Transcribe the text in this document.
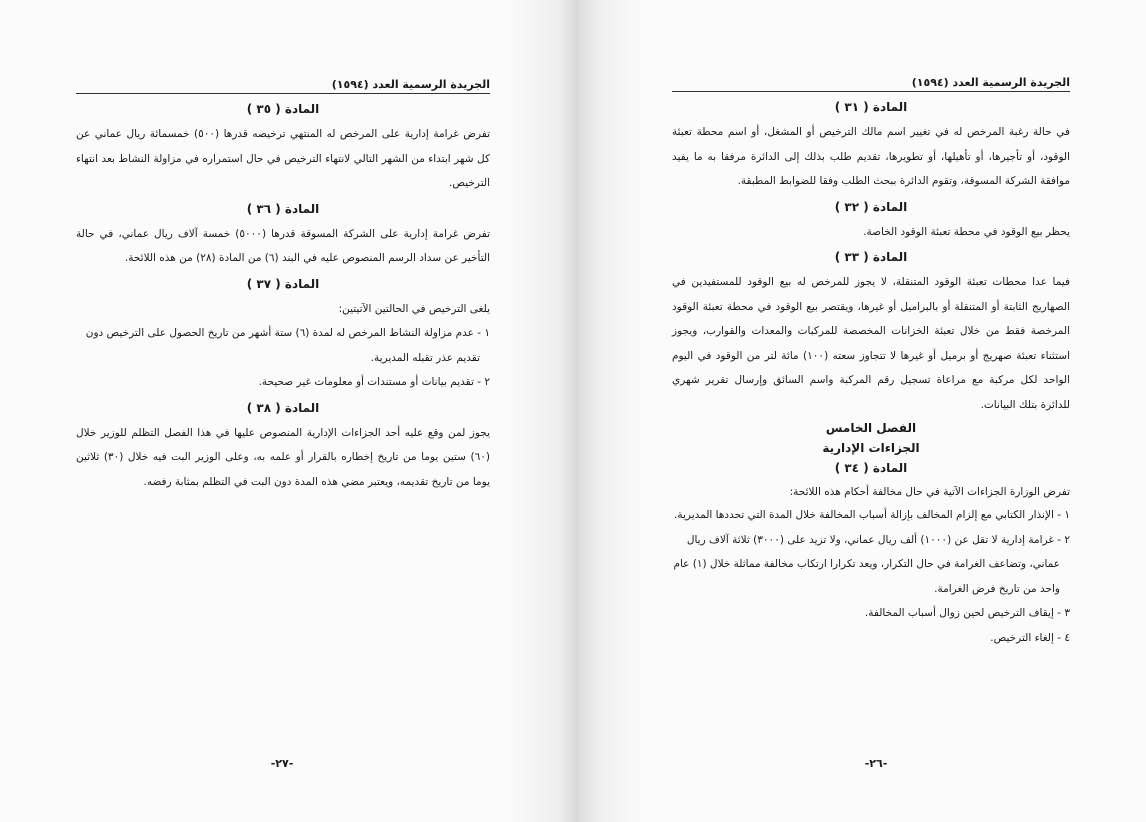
الجريدة الرسمية العدد (١٥٩٤)
المادة ( ٣٥ )

تفرض غرامة إدارية على المرخص له المنتهي ترخيصه قدرها (٥٠٠) خمسمائة ريال عماني عن كل شهر ابتداء من الشهر التالي لانتهاء الترخيص في حال استمراره في مزاولة النشاط بعد انتهاء الترخيص.

المادة ( ٣٦ )

تفرض غرامة إدارية على الشركة المسوقة قدرها (٥٠٠٠) خمسة آلاف ريال عماني، في حالة التأخير عن سداد الرسم المنصوص عليه في البند (٦) من المادة (٢٨) من هذه اللائحة.

المادة ( ٣٧ )

يلغى الترخيص في الحالتين الآتيتين:

١ - عدم مزاولة النشاط المرخص له لمدة (٦) ستة أشهر من تاريخ الحصول على الترخيص دون تقديم عذر تقبله المديرية.

٢ - تقديم بيانات أو مستندات أو معلومات غير صحيحة.

المادة ( ٣٨ )

يجوز لمن وقع عليه أحد الجزاءات الإدارية المنصوص عليها في هذا الفصل التظلم للوزير خلال (٦٠) ستين يوما من تاريخ إخطاره بالقرار أو علمه به، وعلى الوزير البت فيه خلال (٣٠) ثلاثين يوما من تاريخ تقديمه، ويعتبر مضي هذه المدة دون البت في التظلم بمثابة رفضه.

-٢٧-
الجريدة الرسمية العدد (١٥٩٤)
المادة ( ٣١ )

في حالة رغبة المرخص له في تغيير اسم مالك الترخيص أو المشغل، أو اسم محطة تعبئة الوقود، أو تأجيرها، أو تأهيلها، أو تطويرها، تقديم طلب بذلك إلى الدائرة مرفقا به ما يفيد موافقة الشركة المسوقة، وتقوم الدائرة ببحث الطلب وفقا للضوابط المطبقة.

المادة ( ٣٢ )

يحظر بيع الوقود في محطة تعبئة الوقود الخاصة.

المادة ( ٣٣ )

فيما عدا محطات تعبئة الوقود المتنقلة، لا يجوز للمرخص له بيع الوقود للمستفيدين في الصهاريج الثابتة أو المتنقلة أو بالبراميل أو غيرها، ويقتصر بيع الوقود في محطة تعبئة الوقود المرخصة فقط من خلال تعبئة الخزانات المخصصة للمركبات والمعدات والقوارب، ويجوز استثناء تعبئة صهريج أو برميل أو غيرها لا تتجاوز سعته (١٠٠) مائة لتر من الوقود في اليوم الواحد لكل مركبة مع مراعاة تسجيل رقم المركبة واسم السائق وإرسال تقرير شهري للدائرة بتلك البيانات.

الفصل الخامس
الجزاءات الإدارية
المادة ( ٣٤ )

تفرض الوزارة الجزاءات الآتية في حال مخالفة أحكام هذه اللائحة:

١ - الإنذار الكتابي مع إلزام المخالف بإزالة أسباب المخالفة خلال المدة التي تحددها المديرية.

٢ - غرامة إدارية لا تقل عن (١٠٠٠) ألف ريال عماني، ولا تزيد على (٣٠٠٠) ثلاثة آلاف ريال عماني، وتضاعف الغرامة في حال التكرار، ويعد تكرارا ارتكاب مخالفة مماثلة خلال (١) عام واحد من تاريخ فرض الغرامة.

٣ - إيقاف الترخيص لحين زوال أسباب المخالفة.

٤ - إلغاء الترخيص.

-٢٦-
